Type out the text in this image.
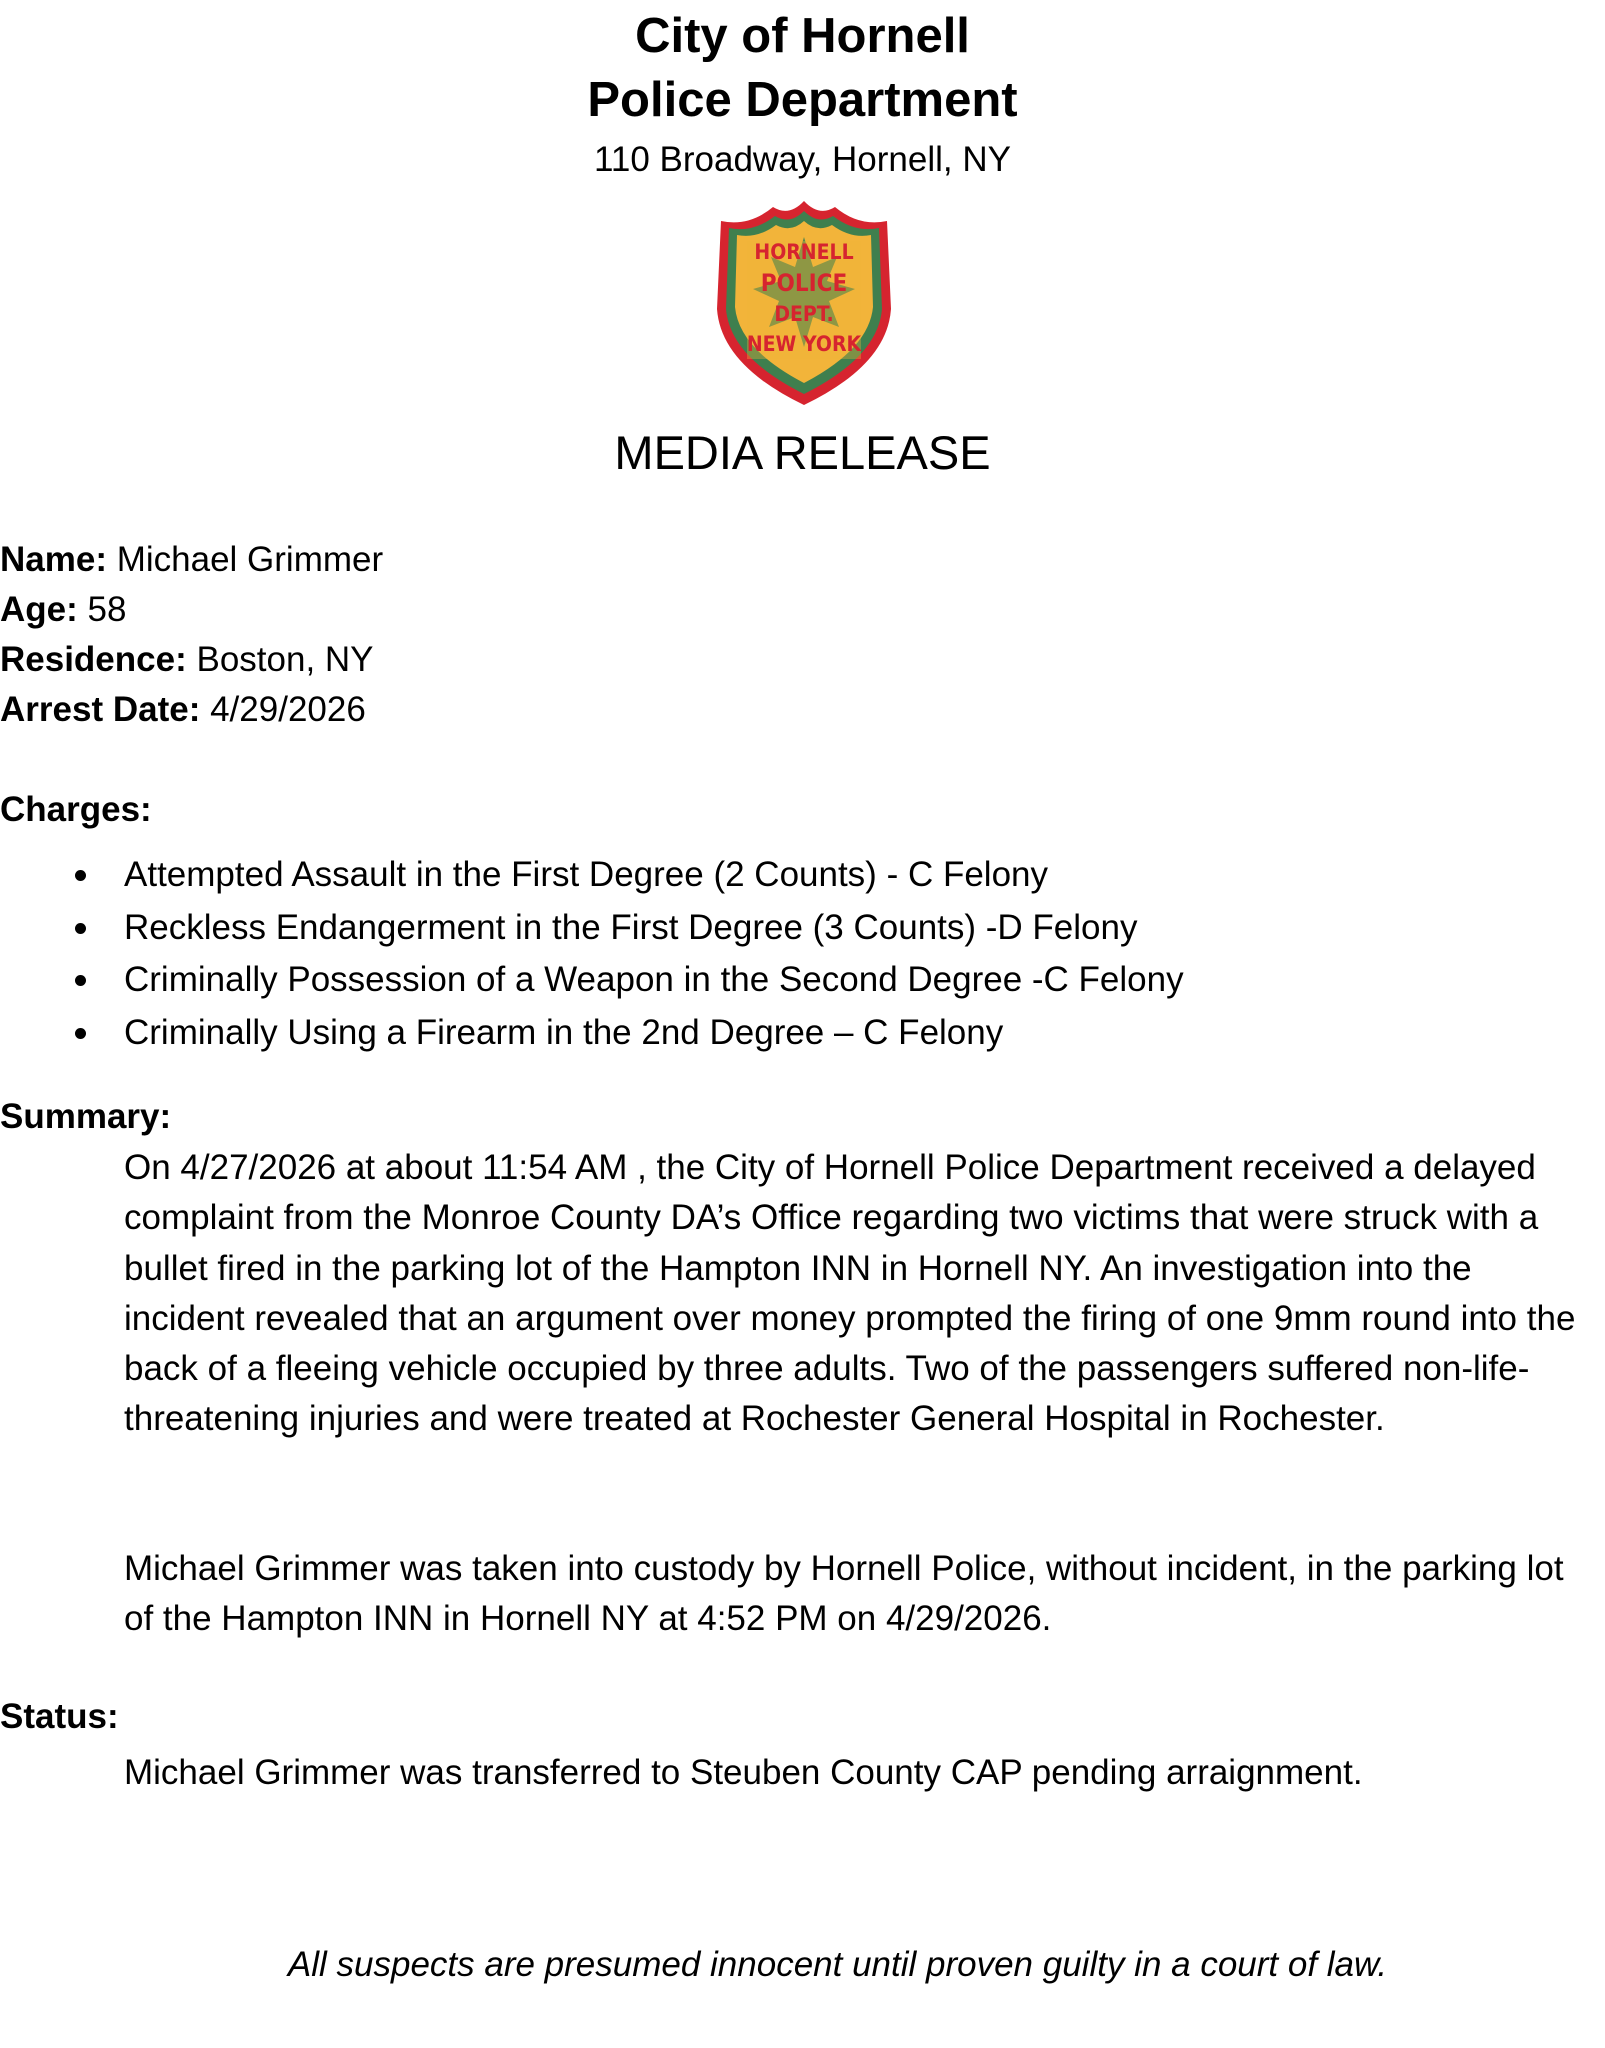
City of Hornell
Police Department
110 Broadway, Hornell, NY
HORNELL
POLICE
DEPT.
NEW YORK
MEDIA RELEASE
Name: Michael Grimmer
Age: 58
Residence: Boston, NY
Arrest Date: 4/29/2026
Charges:
Attempted Assault in the First Degree (2 Counts) - C Felony
Reckless Endangerment in the First Degree (3 Counts) -D Felony
Criminally Possession of a Weapon in the Second Degree -C Felony
Criminally Using a Firearm in the 2nd Degree – C Felony
Summary:
On 4/27/2026 at about 11:54 AM , the City of Hornell Police Department received a delayed complaint from the Monroe County DA’s Office regarding two victims that were struck with a bullet fired in the parking lot of the Hampton INN in Hornell NY. An investigation into the incident revealed that an argument over money prompted the firing of one 9mm round into the back of a fleeing vehicle occupied by three adults. Two of the passengers suffered non-life-threatening injuries and were treated at Rochester General Hospital in Rochester.
Michael Grimmer was taken into custody by Hornell Police, without incident, in the parking lot of the Hampton INN in Hornell NY at 4:52 PM on 4/29/2026.
Status:
Michael Grimmer was transferred to Steuben County CAP pending arraignment.
All suspects are presumed innocent until proven guilty in a court of law.
